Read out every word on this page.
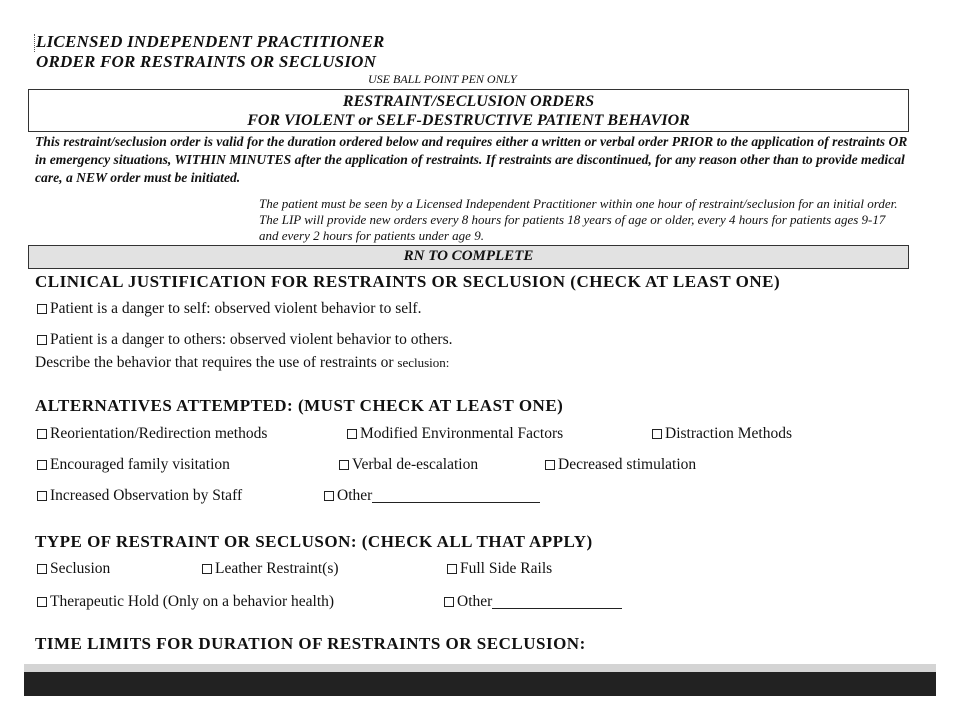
LICENSED INDEPENDENT PRACTITIONER
ORDER FOR RESTRAINTS OR SECLUSION
USE BALL POINT PEN ONLY
RESTRAINT/SECLUSION ORDERS
FOR VIOLENT or SELF-DESTRUCTIVE PATIENT BEHAVIOR
This restraint/seclusion order is valid for the duration ordered below and requires either a written or verbal order PRIOR to the application of restraints OR in emergency situations, WITHIN MINUTES after the application of restraints. If restraints are discontinued, for any reason other than to provide medical care, a NEW order must be initiated.
The patient must be seen by a Licensed Independent Practitioner within one hour of restraint/seclusion for an initial order. The LIP will provide new orders every 8 hours for patients 18 years of age or older, every 4 hours for patients ages 9-17 and every 2 hours for patients under age 9.
RN TO COMPLETE
CLINICAL JUSTIFICATION FOR RESTRAINTS OR SECLUSION (CHECK AT LEAST ONE)
Patient is a danger to self: observed violent behavior to self.
Patient is a danger to others: observed violent behavior to others.
Describe the behavior that requires the use of restraints or seclusion:
ALTERNATIVES ATTEMPTED: (MUST CHECK AT LEAST ONE)
Reorientation/Redirection methods	Modified Environmental Factors	Distraction Methods
Encouraged family visitation	Verbal de-escalation	Decreased stimulation
Increased Observation by Staff	Other
TYPE OF RESTRAINT OR SECLUSON: (CHECK ALL THAT APPLY)
Seclusion	Leather Restraint(s)	Full Side Rails
Therapeutic Hold (Only on a behavior health)	Other
TIME LIMITS FOR DURATION OF RESTRAINTS OR SECLUSION:
